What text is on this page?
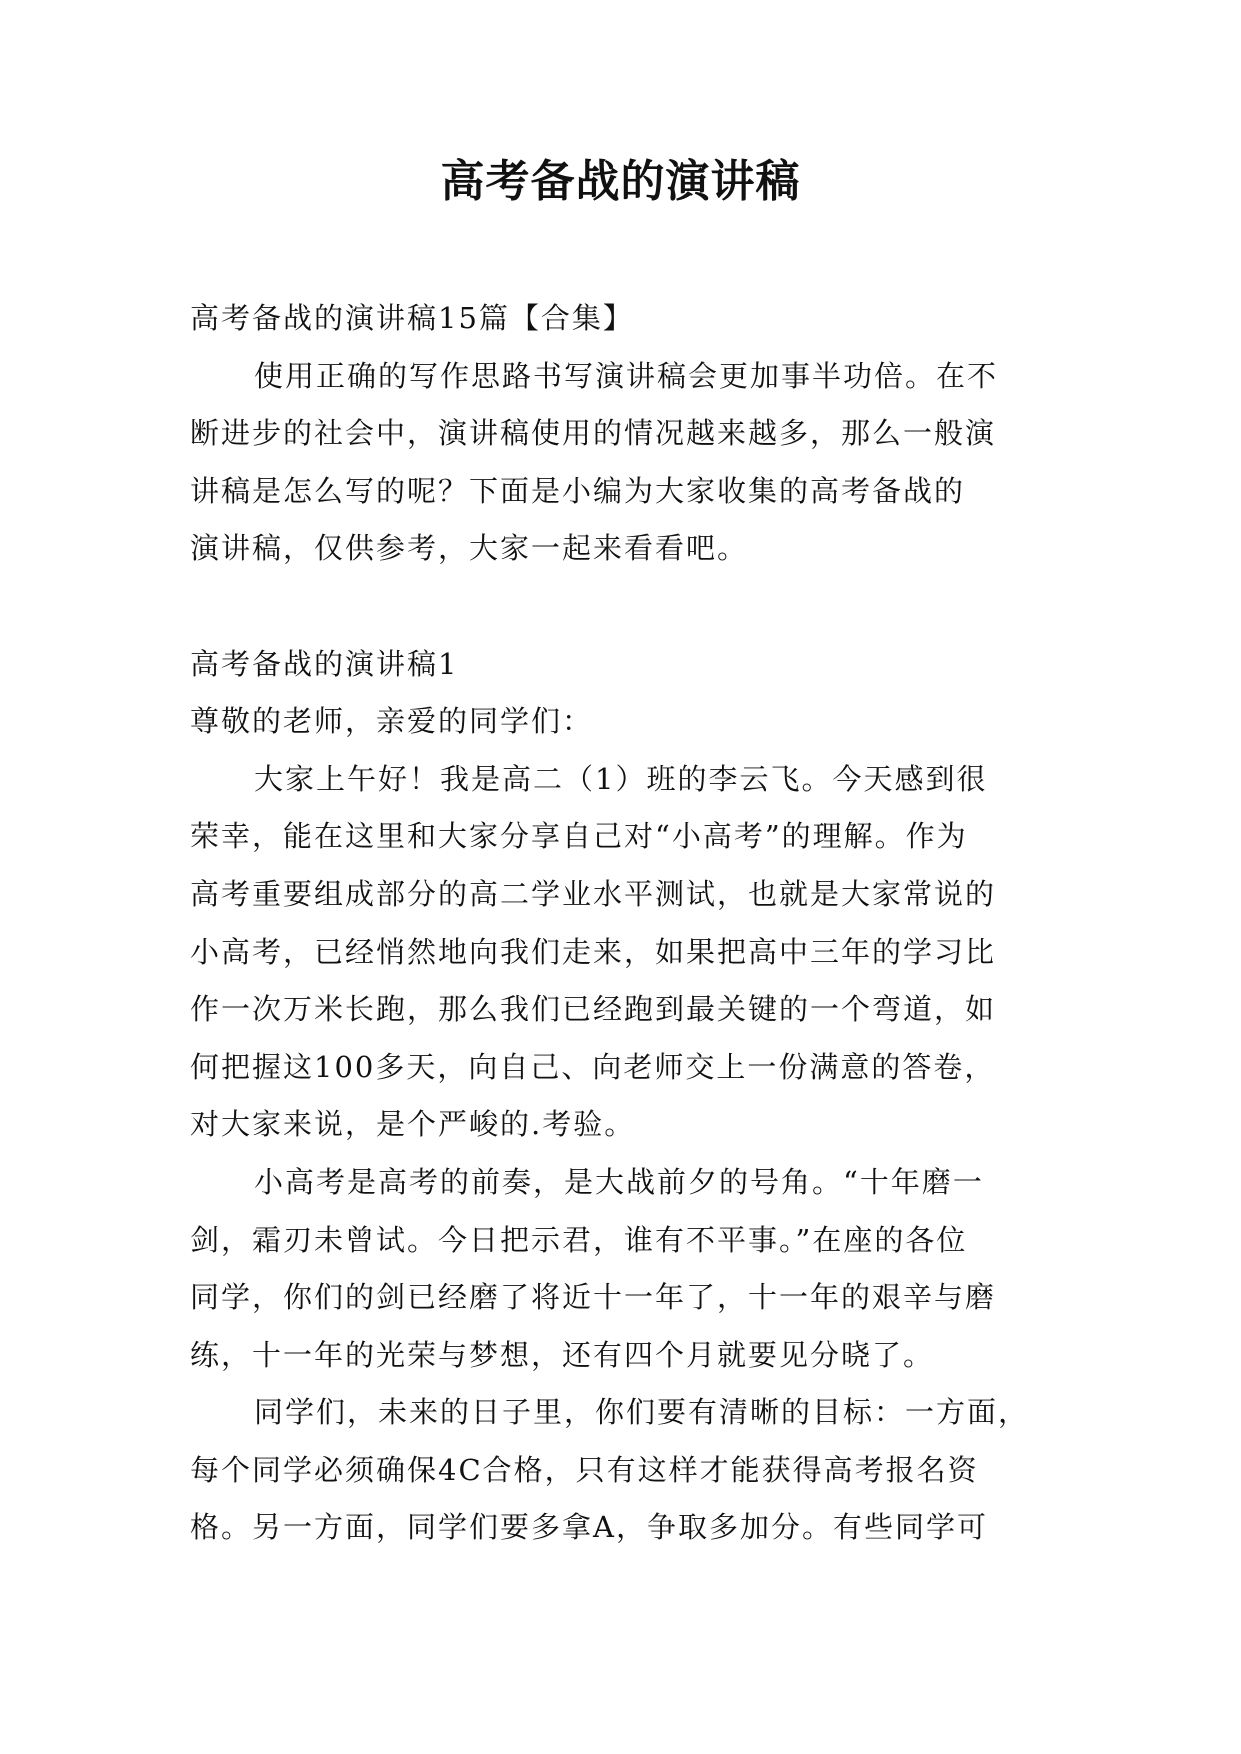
高考备战的演讲稿
高考备战的演讲稿15篇【合集】
使用正确的写作思路书写演讲稿会更加事半功倍。在不
断进步的社会中，演讲稿使用的情况越来越多，那么一般演
讲稿是怎么写的呢？下面是小编为大家收集的高考备战的
演讲稿，仅供参考，大家一起来看看吧。
高考备战的演讲稿1
尊敬的老师，亲爱的同学们：
大家上午好！我是高二（1）班的李云飞。今天感到很
荣幸，能在这里和大家分享自己对“小高考”的理解。作为
高考重要组成部分的高二学业水平测试，也就是大家常说的
小高考，已经悄然地向我们走来，如果把高中三年的学习比
作一次万米长跑，那么我们已经跑到最关键的一个弯道，如
何把握这100多天，向自己、向老师交上一份满意的答卷，
对大家来说，是个严峻的.考验。
小高考是高考的前奏，是大战前夕的号角。“十年磨一
剑，霜刃未曾试。今日把示君，谁有不平事。”在座的各位
同学，你们的剑已经磨了将近十一年了，十一年的艰辛与磨
练，十一年的光荣与梦想，还有四个月就要见分晓了。
同学们，未来的日子里，你们要有清晰的目标：一方面，
每个同学必须确保4C合格，只有这样才能获得高考报名资
格。另一方面，同学们要多拿A，争取多加分。有些同学可
